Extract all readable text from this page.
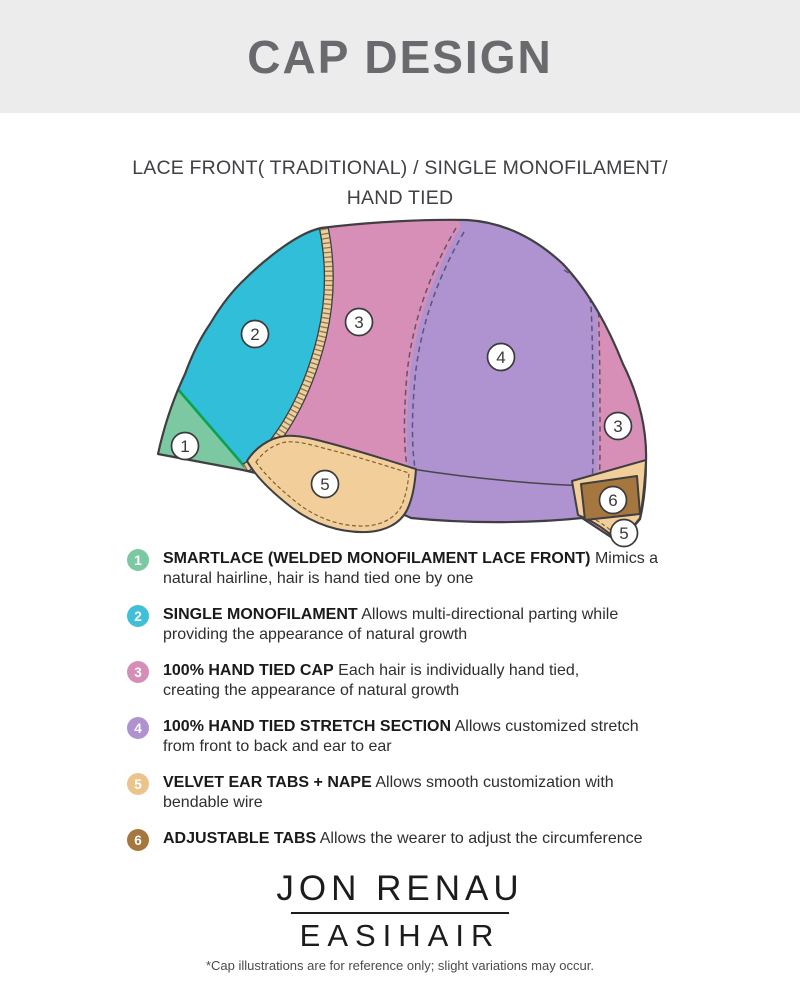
CAP DESIGN
LACE FRONT( TRADITIONAL) / SINGLE MONOFILAMENT/
HAND TIED
1
2
3
4
3
5
6
5
1	SMARTLACE (WELDED MONOFILAMENT LACE FRONT) Mimics a
natural hairline, hair is hand tied one by one
2	SINGLE MONOFILAMENT Allows multi-directional parting while
providing the appearance of natural growth
3	100% HAND TIED CAP Each hair is individually hand tied,
creating the appearance of natural growth
4	100% HAND TIED STRETCH SECTION Allows customized stretch
from front to back and ear to ear
5	VELVET EAR TABS + NAPE Allows smooth customization with
bendable wire
6	ADJUSTABLE TABS Allows the wearer to adjust the circumference
JON RENAU
EASIHAIR
*Cap illustrations are for reference only; slight variations may occur.
